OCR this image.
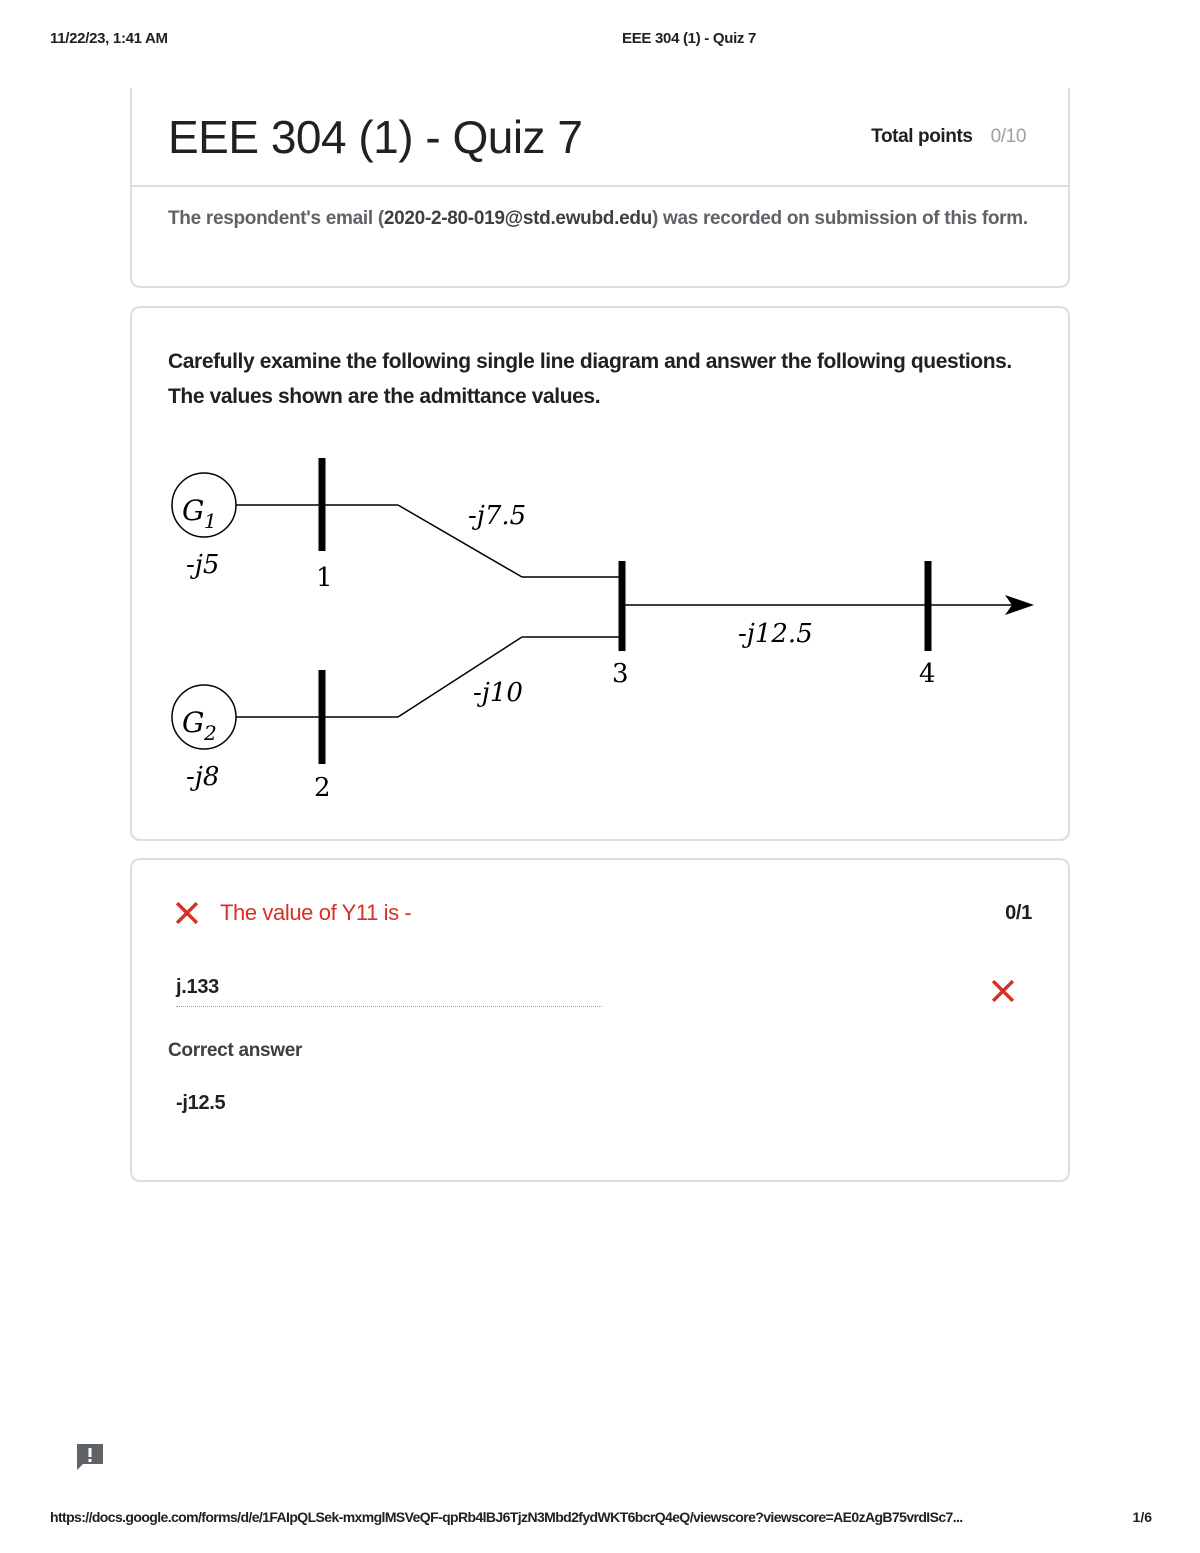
11/22/23, 1:41 AM	EEE 304 (1) - Quiz 7
EEE 304 (1) - Quiz 7	Total points 0/10
The respondent's email (2020-2-80-019@std.ewubd.edu) was recorded on submission of this form.
Carefully examine the following single line diagram and answer the following questions. The values shown are the admittance values.
G 1
-j5	1
-j7.5
3
-j12.5
4
-j10
G 2
-j8	2
The value of Y11 is -	0/1
j.133
Correct answer
-j12.5
https://docs.google.com/forms/d/e/1FAIpQLSek-mxmglMSVeQF-qpRb4lBJ6TjzN3Mbd2fydWKT6bcrQ4eQ/viewscore?viewscore=AE0zAgB75vrdISc7...	1/6
